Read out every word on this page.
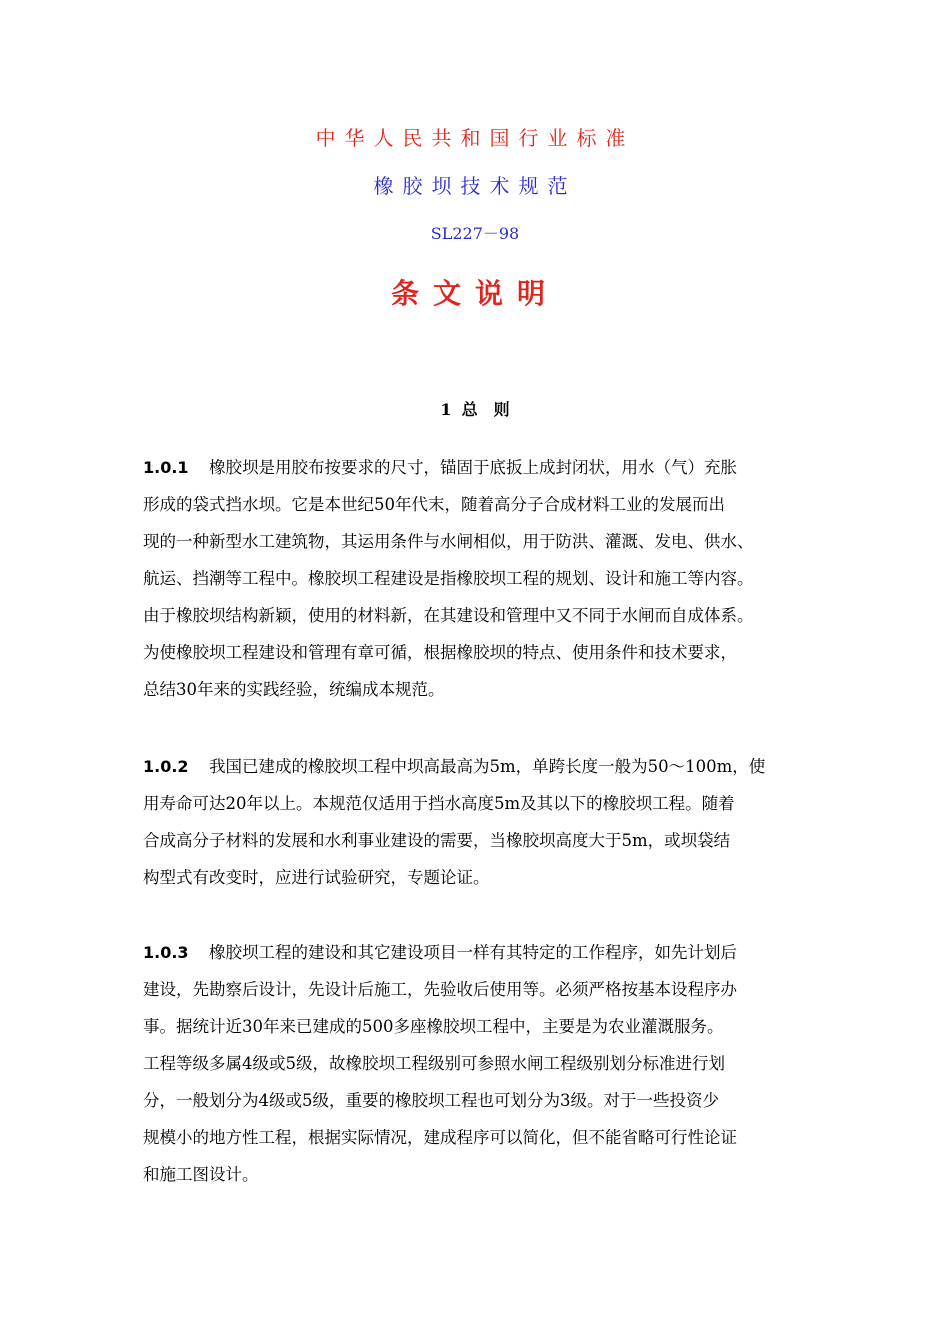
中华人民共和国行业标准
橡胶坝技术规范
SL227－98
条文说明
1 总　则
1.0.1 橡胶坝是用胶布按要求的尺寸，锚固于底扳上成封闭状，用水（气）充胀
形成的袋式挡水坝。它是本世纪50年代末，随着高分子合成材料工业的发展而出
现的一种新型水工建筑物，其运用条件与水闸相似，用于防洪、灌溉、发电、供水、
航运、挡潮等工程中。橡胶坝工程建设是指橡胶坝工程的规划、设计和施工等内容。
由于橡胶坝结构新颖，使用的材料新，在其建设和管理中又不同于水闸而自成体系。
为使橡胶坝工程建设和管理有章可循，根据橡胶坝的特点、使用条件和技术要求，
总结30年来的实践经验，统编成本规范。
1.0.2 我国已建成的橡胶坝工程中坝高最高为5m，单跨长度一般为50～100m，使
用寿命可达20年以上。本规范仅适用于挡水高度5m及其以下的橡胶坝工程。随着
合成高分子材料的发展和水利事业建设的需要，当橡胶坝高度大于5m，或坝袋结
构型式有改变时，应进行试验研究，专题论证。
1.0.3 橡胶坝工程的建设和其它建设项目一样有其特定的工作程序，如先计划后
建设，先勘察后设计，先设计后施工，先验收后使用等。必须严格按基本设程序办
事。据统计近30年来已建成的500多座橡胶坝工程中，主要是为农业灌溉服务。
工程等级多属4级或5级，故橡胶坝工程级别可参照水闸工程级别划分标准进行划
分，一般划分为4级或5级，重要的橡胶坝工程也可划分为3级。对于一些投资少
规模小的地方性工程，根据实际情况，建成程序可以简化，但不能省略可行性论证
和施工图设计。
